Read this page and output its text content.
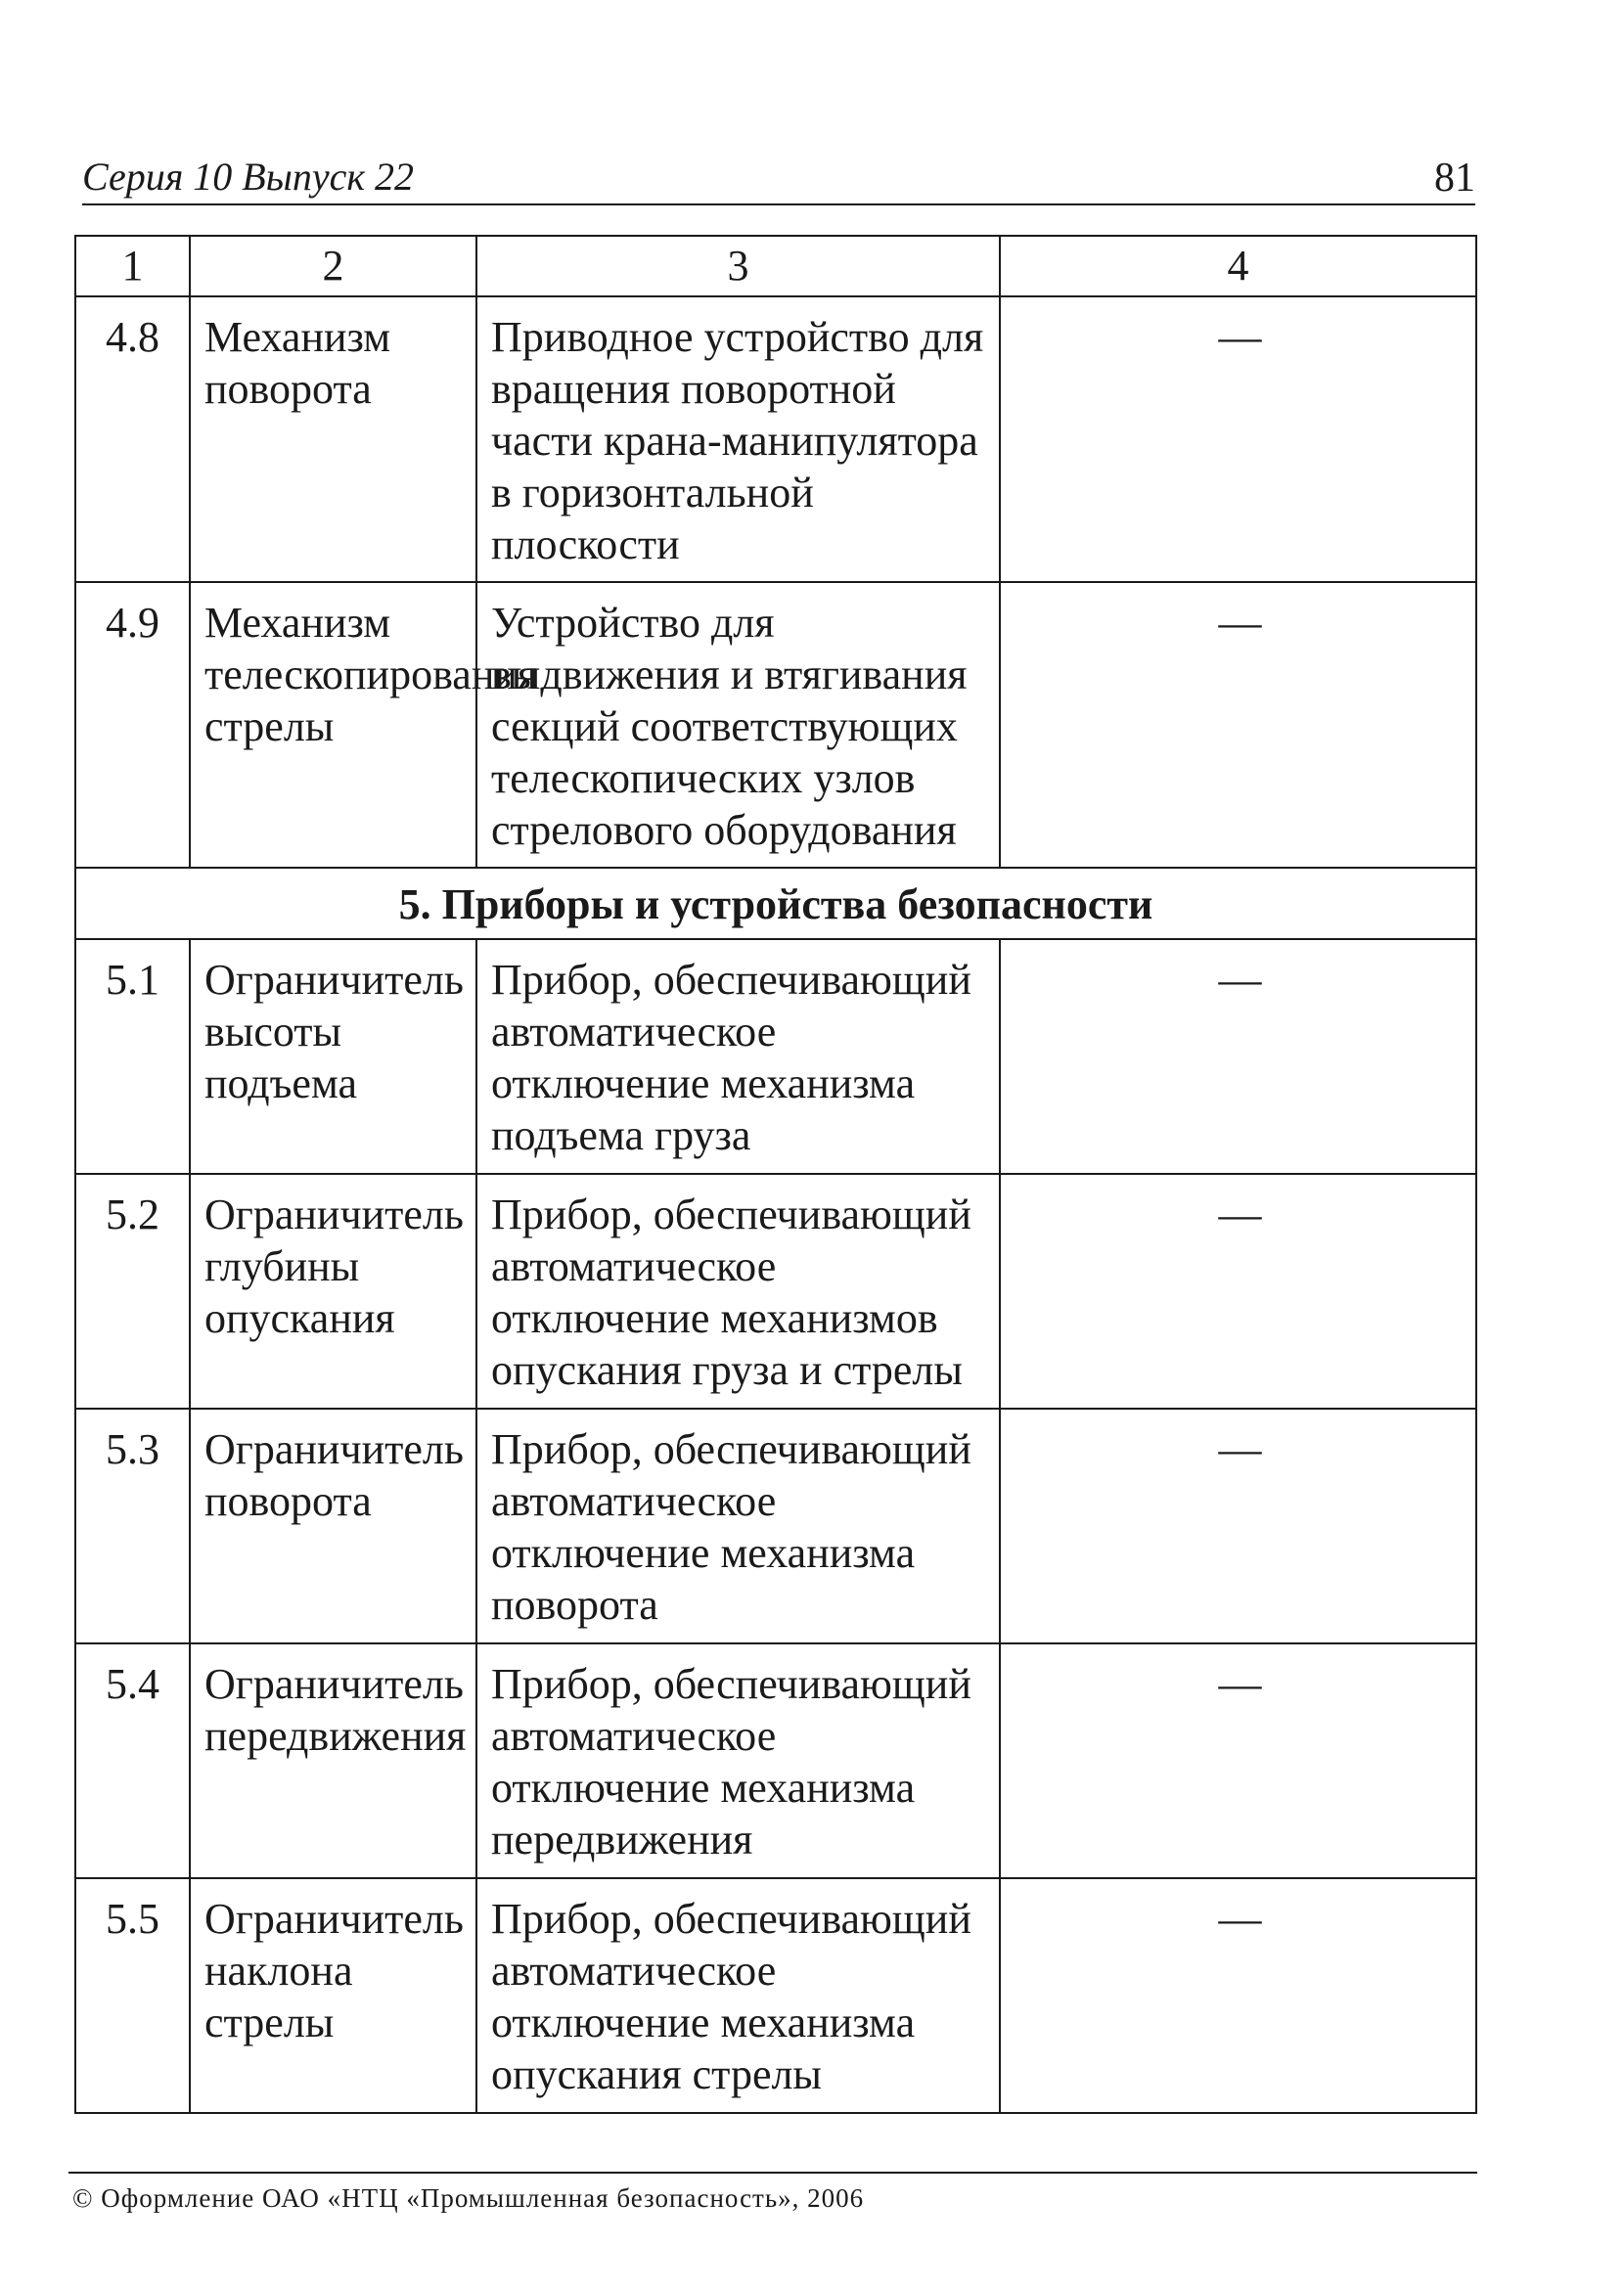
Серия 10 Выпуск 22	81
1	2	3	4
4.8	Механизм поворота	Приводное устройство для вращения поворотной части крана-манипулятора в горизонтальной плоскости	—
4.9	Механизм телескопирования стрелы	Устройство для выдвижения и втягивания секций соответствующих телескопических узлов стрелового оборудования	—
5. Приборы и устройства безопасности			
5.1	Ограничитель высоты подъема	Прибор, обеспечивающий автоматическое отключение механизма подъема груза	—
5.2	Ограничитель глубины опускания	Прибор, обеспечивающий автоматическое отключение механизмов опускания груза и стрелы	—
5.3	Ограничитель поворота	Прибор, обеспечивающий автоматическое отключение механизма поворота	—
5.4	Ограничитель передвижения	Прибор, обеспечивающий автоматическое отключение механизма передвижения	—
5.5	Ограничитель наклона стрелы	Прибор, обеспечивающий автоматическое отключение механизма опускания стрелы	—
© Оформление ОАО «НТЦ «Промышленная безопасность», 2006
